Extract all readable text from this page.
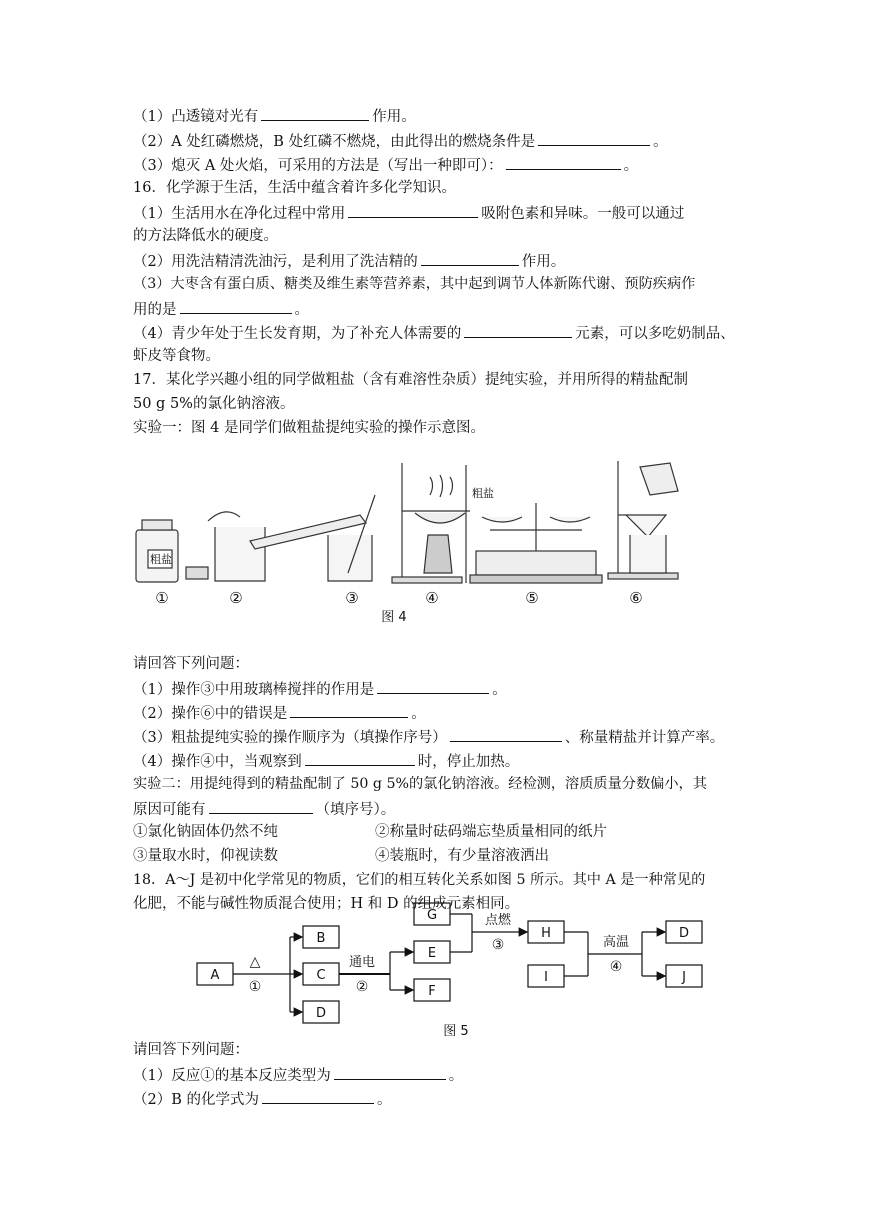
（1）凸透镜对光有	作用。
（2）A 处红磷燃烧，B 处红磷不燃烧，由此得出的燃烧条件是	。
（3）熄灭 A 处火焰，可采用的方法是（写出一种即可）：	。
16．化学源于生活，生活中蕴含着许多化学知识。
（1）生活用水在净化过程中常用	吸附色素和异味。一般可以通过
的方法降低水的硬度。
（2）用洗洁精清洗油污，是利用了洗洁精的	作用。
（3）大枣含有蛋白质、糖类及维生素等营养素，其中起到调节人体新陈代谢、预防疾病作
用的是	。
（4）青少年处于生长发育期，为了补充人体需要的	元素，可以多吃奶制品、
虾皮等食物。
17．某化学兴趣小组的同学做粗盐（含有难溶性杂质）提纯实验，并用所得的精盐配制
50 g 5%的氯化钠溶液。
实验一：图 4 是同学们做粗盐提纯实验的操作示意图。
粗盐
粗盐
①	②	③	④	⑤	⑥
图 4
请回答下列问题：
（1）操作③中用玻璃棒搅拌的作用是	。
（2）操作⑥中的错误是	。
（3）粗盐提纯实验的操作顺序为（填操作序号）	、称量精盐并计算产率。
（4）操作④中，当观察到	时，停止加热。
实验二：用提纯得到的精盐配制了 50 g 5%的氯化钠溶液。经检测，溶质质量分数偏小，其
原因可能有	（填序号）。
①氯化钠固体仍然不纯	②称量时砝码端忘垫质量相同的纸片
③量取水时，仰视读数	④装瓶时，有少量溶液洒出
18．A～J 是初中化学常见的物质，它们的相互转化关系如图 5 所示。其中 A 是一种常见的
化肥，不能与碱性物质混合使用；H 和 D 的组成元素相同。
A
B
C
D
G
E
F
H
I
D
J
△
①
通电
②
点燃
③	高温
④
图 5
请回答下列问题：
（1）反应①的基本反应类型为	。
（2）B 的化学式为	。
